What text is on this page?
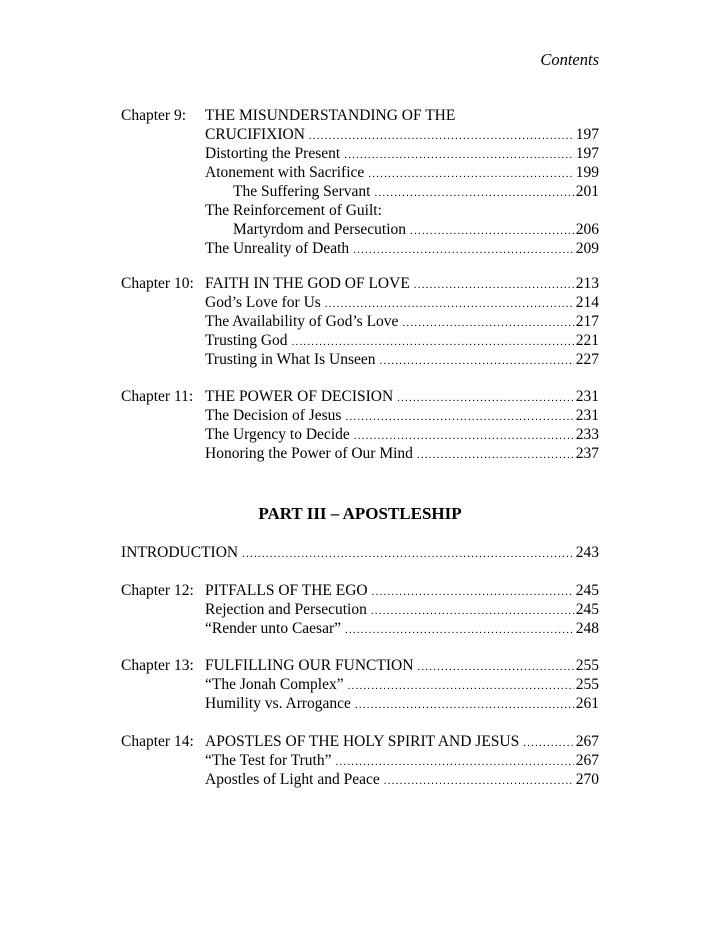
Contents
Chapter 9: THE MISUNDERSTANDING OF THE
CRUCIFIXION .....	197
Distorting the Present .....	197
Atonement with Sacrifice .....	199
The Suffering Servant .....	201
The Reinforcement of Guilt:
Martyrdom and Persecution .....	206
The Unreality of Death .....	209
Chapter 10: FAITH IN THE GOD OF LOVE .....	213
God’s Love for Us .....	214
The Availability of God’s Love .....	217
Trusting God .....	221
Trusting in What Is Unseen .....	227
Chapter 11: THE POWER OF DECISION .....	231
The Decision of Jesus .....	231
The Urgency to Decide .....	233
Honoring the Power of Our Mind .....	237
PART III – APOSTLESHIP
INTRODUCTION .....	243
Chapter 12: PITFALLS OF THE EGO .....	245
Rejection and Persecution .....	245
“Render unto Caesar” .....	248
Chapter 13: FULFILLING OUR FUNCTION .....	255
“The Jonah Complex” .....	255
Humility vs. Arrogance .....	261
Chapter 14: APOSTLES OF THE HOLY SPIRIT AND JESUS .....	267
“The Test for Truth” .....	267
Apostles of Light and Peace .....	270
